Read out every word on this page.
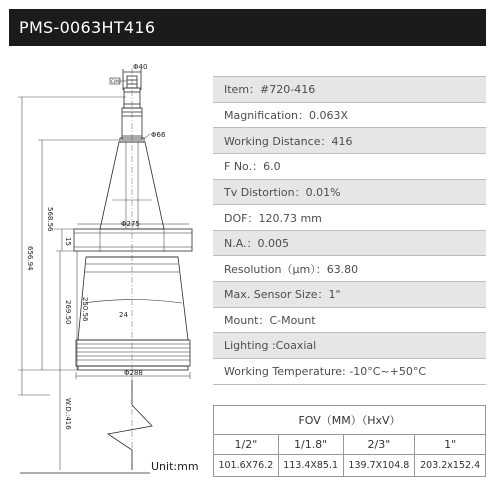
PMS-0063HT416
Φ40
C(M)
Φ66
Φ275
24
Φ288
656.94
568.56
15
269.50 250.56
W.D.:416
Item：#720-416
Magnification：0.063X
Working Distance：416
F No.：6.0
Tv Distortion：0.01%
DOF：120.73 mm
N.A.：0.005
Resolution（μm）：63.80
Max. Sensor Size：1"
Mount：C-Mount
Lighting :Coaxial
Working Temperature: -10°C~+50°C
FOV（MM）（HxV）			
1/2"	1/1.8"	2/3"	1"
101.6X76.2	113.4X85.1	139.7X104.8	203.2x152.4
Unit:mm
